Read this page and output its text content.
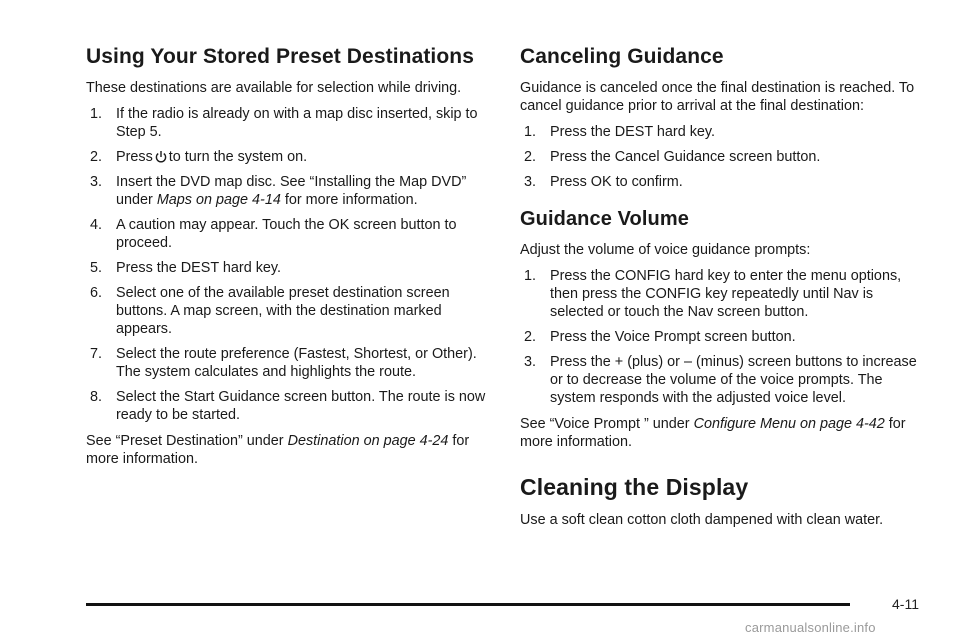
Using Your Stored Preset Destinations

These destinations are available for selection while driving.

1. If the radio is already on with a map disc inserted, skip to Step 5.
2. Press to turn the system on.
3. Insert the DVD map disc. See “Installing the Map DVD” under Maps on page 4-14 for more information.
4. A caution may appear. Touch the OK screen button to proceed.
5. Press the DEST hard key.
6. Select one of the available preset destination screen buttons. A map screen, with the destination marked appears.
7. Select the route preference (Fastest, Shortest, or Other). The system calculates and highlights the route.
8. Select the Start Guidance screen button. The route is now ready to be started.

See “Preset Destination” under Destination on page 4-24 for more information.

Canceling Guidance

Guidance is canceled once the final destination is reached. To cancel guidance prior to arrival at the final destination:

1. Press the DEST hard key.
2. Press the Cancel Guidance screen button.
3. Press OK to confirm.
Guidance Volume

Adjust the volume of voice guidance prompts:

1. Press the CONFIG hard key to enter the menu options, then press the CONFIG key repeatedly until Nav is selected or touch the Nav screen button.
2. Press the Voice Prompt screen button.
3. Press the + (plus) or – (minus) screen buttons to increase or to decrease the volume of the voice prompts. The system responds with the adjusted voice level.

See “Voice Prompt ” under Configure Menu on page 4-42 for more information.

Cleaning the Display

Use a soft clean cotton cloth dampened with clean water.

4-11
carmanualsonline.info
